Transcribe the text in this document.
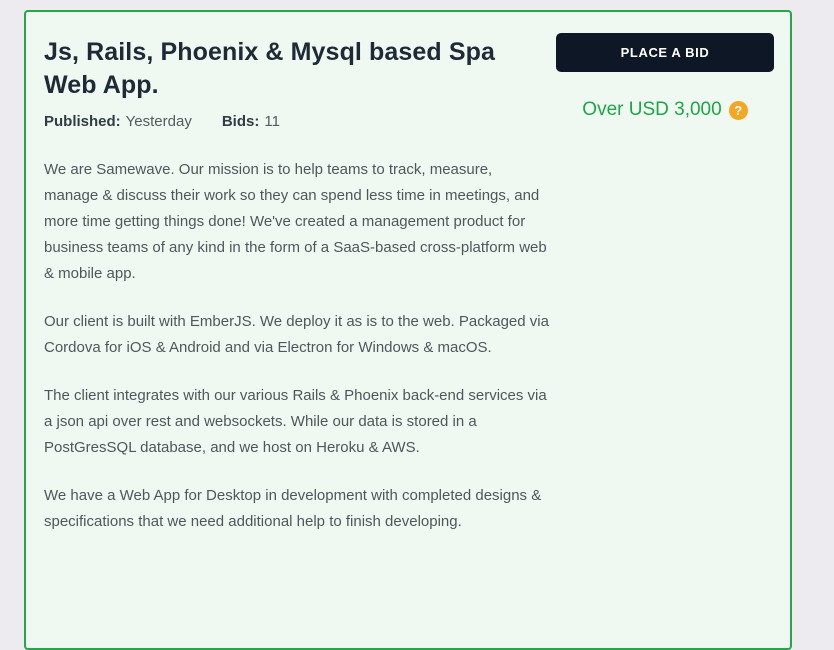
Js, Rails, Phoenix & Mysql based Spa Web App.
Published: Yesterday Bids: 11

We are Samewave. Our mission is to help teams to track, measure, manage & discuss their work so they can spend less time in meetings, and more time getting things done! We've created a management product for business teams of any kind in the form of a SaaS-based cross-platform web & mobile app.

Our client is built with EmberJS. We deploy it as is to the web. Packaged via Cordova for iOS & Android and via Electron for Windows & macOS.

The client integrates with our various Rails & Phoenix back-end services via a json api over rest and websockets. While our data is stored in a PostGresSQL database, and we host on Heroku & AWS.

We have a Web App for Desktop in development with completed designs & specifications that we need additional help to finish developing.

PLACE A BID
Over USD 3,000 ?
